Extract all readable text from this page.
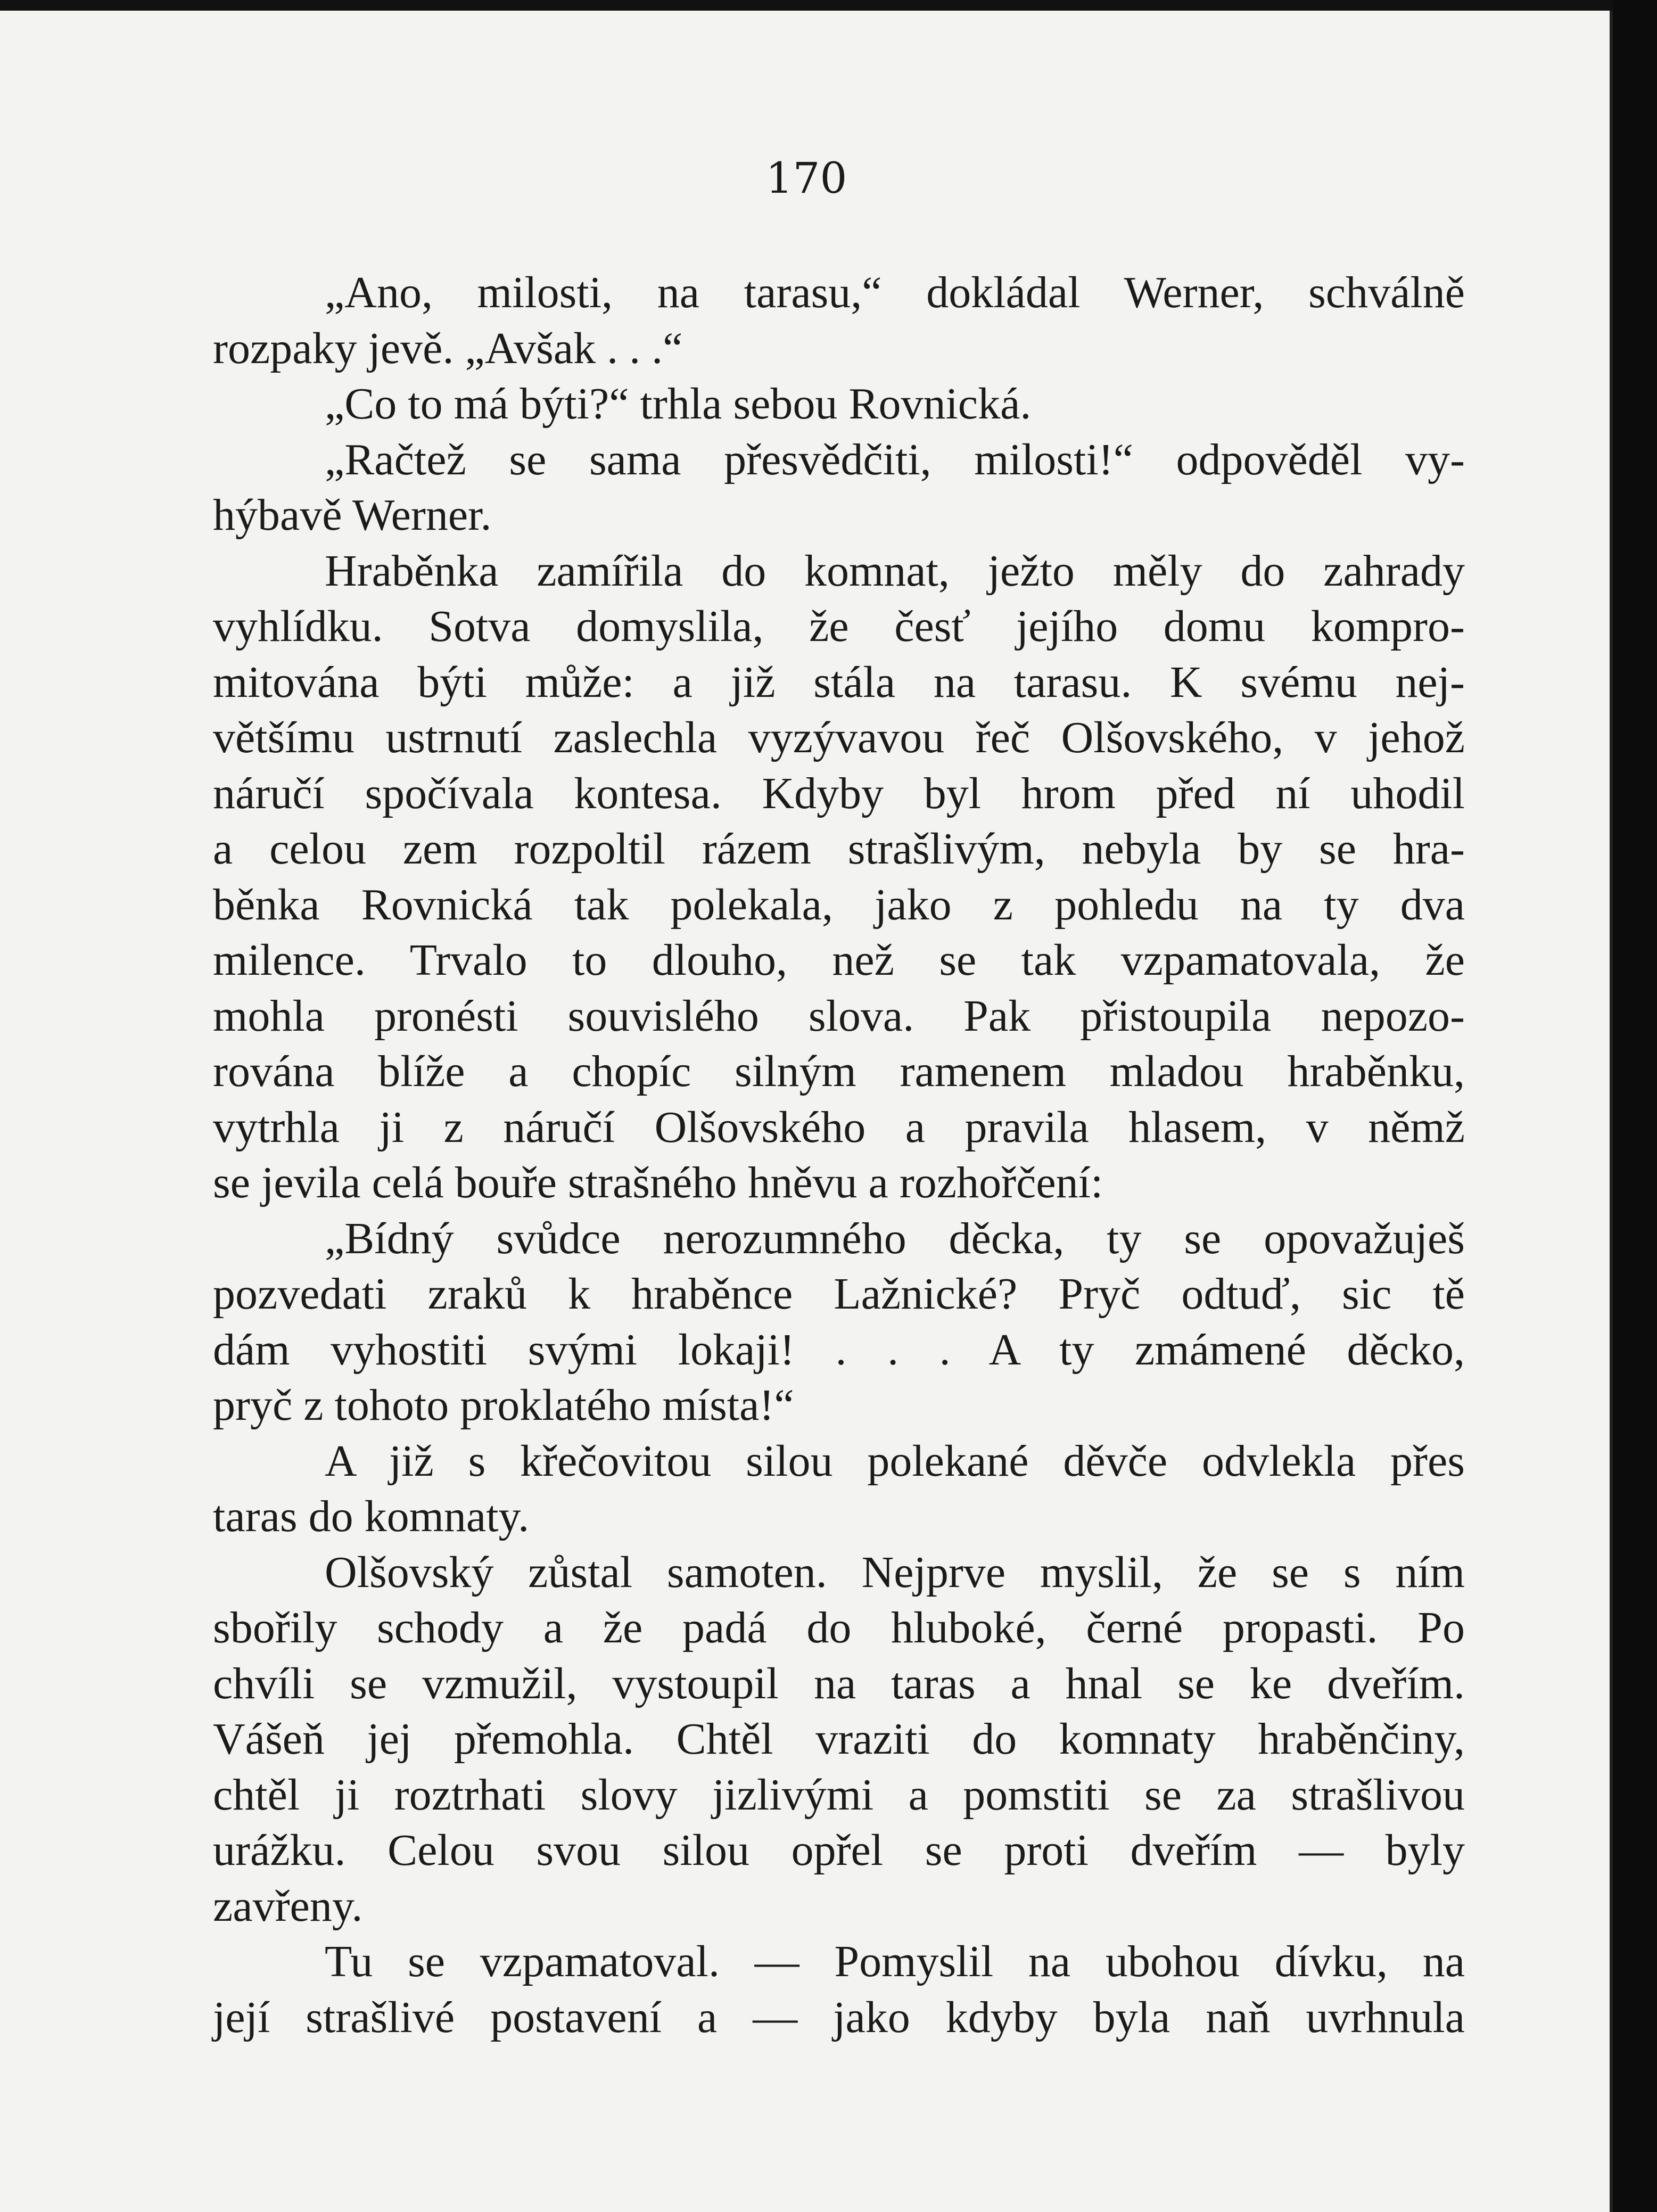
170
„Ano, milosti, na tarasu,“ dokládal Werner, schválně
rozpaky jevě. „Avšak . . .“
„Co to má býti?“ trhla sebou Rovnická.
„Račtež se sama přesvědčiti, milosti!“ odpověděl vy-
hýbavě Werner.
Hraběnka zamířila do komnat, ježto měly do zahrady
vyhlídku. Sotva domyslila, že česť jejího domu kompro-
mitována býti může: a již stála na tarasu. K svému nej-
většímu ustrnutí zaslechla vyzývavou řeč Olšovského, v jehož
náručí spočívala kontesa. Kdyby byl hrom před ní uhodil
a celou zem rozpoltil rázem strašlivým, nebyla by se hra-
běnka Rovnická tak polekala, jako z pohledu na ty dva
milence. Trvalo to dlouho, než se tak vzpamatovala, že
mohla pronésti souvislého slova. Pak přistoupila nepozo-
rována blíže a chopíc silným ramenem mladou hraběnku,
vytrhla ji z náručí Olšovského a pravila hlasem, v němž
se jevila celá bouře strašného hněvu a rozhořčení:
„Bídný svůdce nerozumného děcka, ty se opovažuješ
pozvedati zraků k hraběnce Lažnické? Pryč odtuď, sic tě
dám vyhostiti svými lokaji! . . . A ty zmámené děcko,
pryč z tohoto proklatého místa!“
A již s křečovitou silou polekané děvče odvlekla přes
taras do komnaty.
Olšovský zůstal samoten. Nejprve myslil, že se s ním
sbořily schody a že padá do hluboké, černé propasti. Po
chvíli se vzmužil, vystoupil na taras a hnal se ke dveřím.
Vášeň jej přemohla. Chtěl vraziti do komnaty hraběnčiny,
chtěl ji roztrhati slovy jizlivými a pomstiti se za strašlivou
urážku. Celou svou silou opřel se proti dveřím — byly
zavřeny.
Tu se vzpamatoval. — Pomyslil na ubohou dívku, na
její strašlivé postavení a — jako kdyby byla naň uvrhnula
